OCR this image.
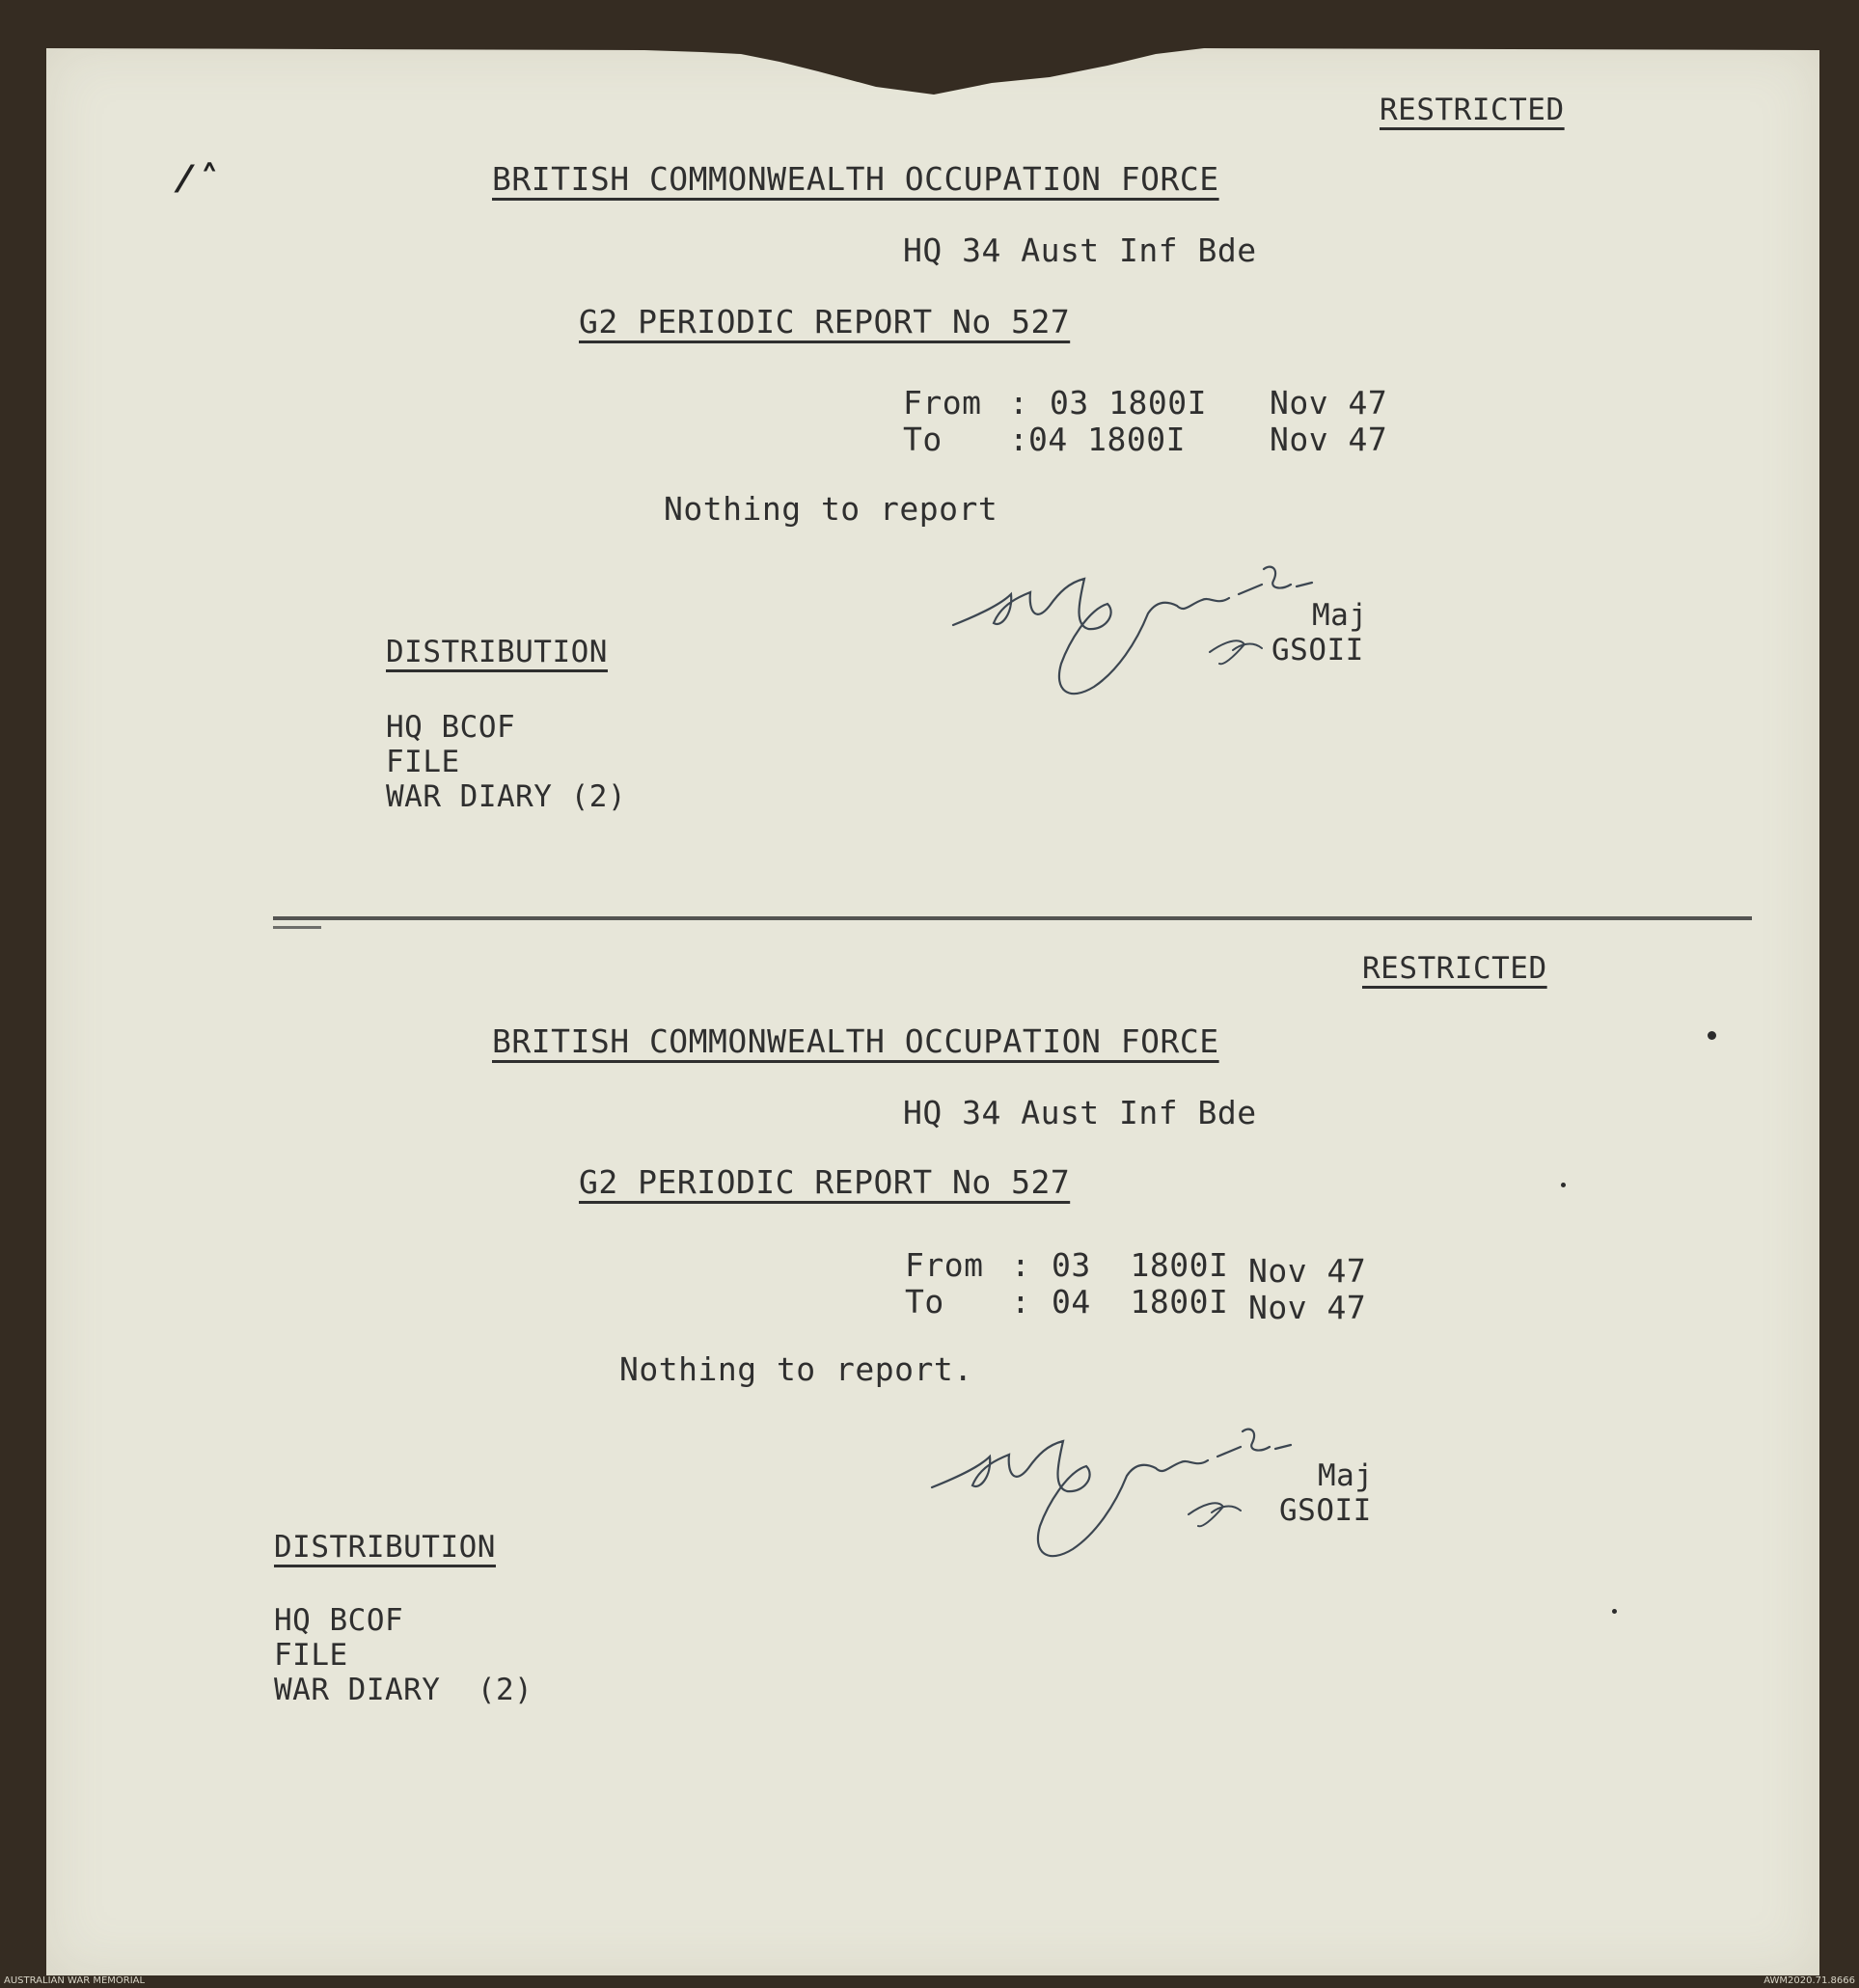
RESTRICTED
⁄ ˄	BRITISH COMMONWEALTH OCCUPATION FORCE
HQ 34 Aust Inf Bde
G2 PERIODIC REPORT No 527
From : 03 1800I Nov 47
To : 04 1800I	Nov 47
Nothing to report
Maj
GSOII
DISTRIBUTION
HQ BCOF
FILE
WAR DIARY (2)
RESTRICTED
BRITISH COMMONWEALTH OCCUPATION FORCE
HQ 34 Aust Inf Bde
G2 PERIODIC REPORT No 527
From : 03  1800I Nov 47
To : 04  1800I Nov 47
Nothing to report.
Maj
GSOII
DISTRIBUTION
HQ BCOF
FILE
WAR DIARY  (2)
AUSTRALIAN WAR MEMORIAL	AWM2020.71.8666
